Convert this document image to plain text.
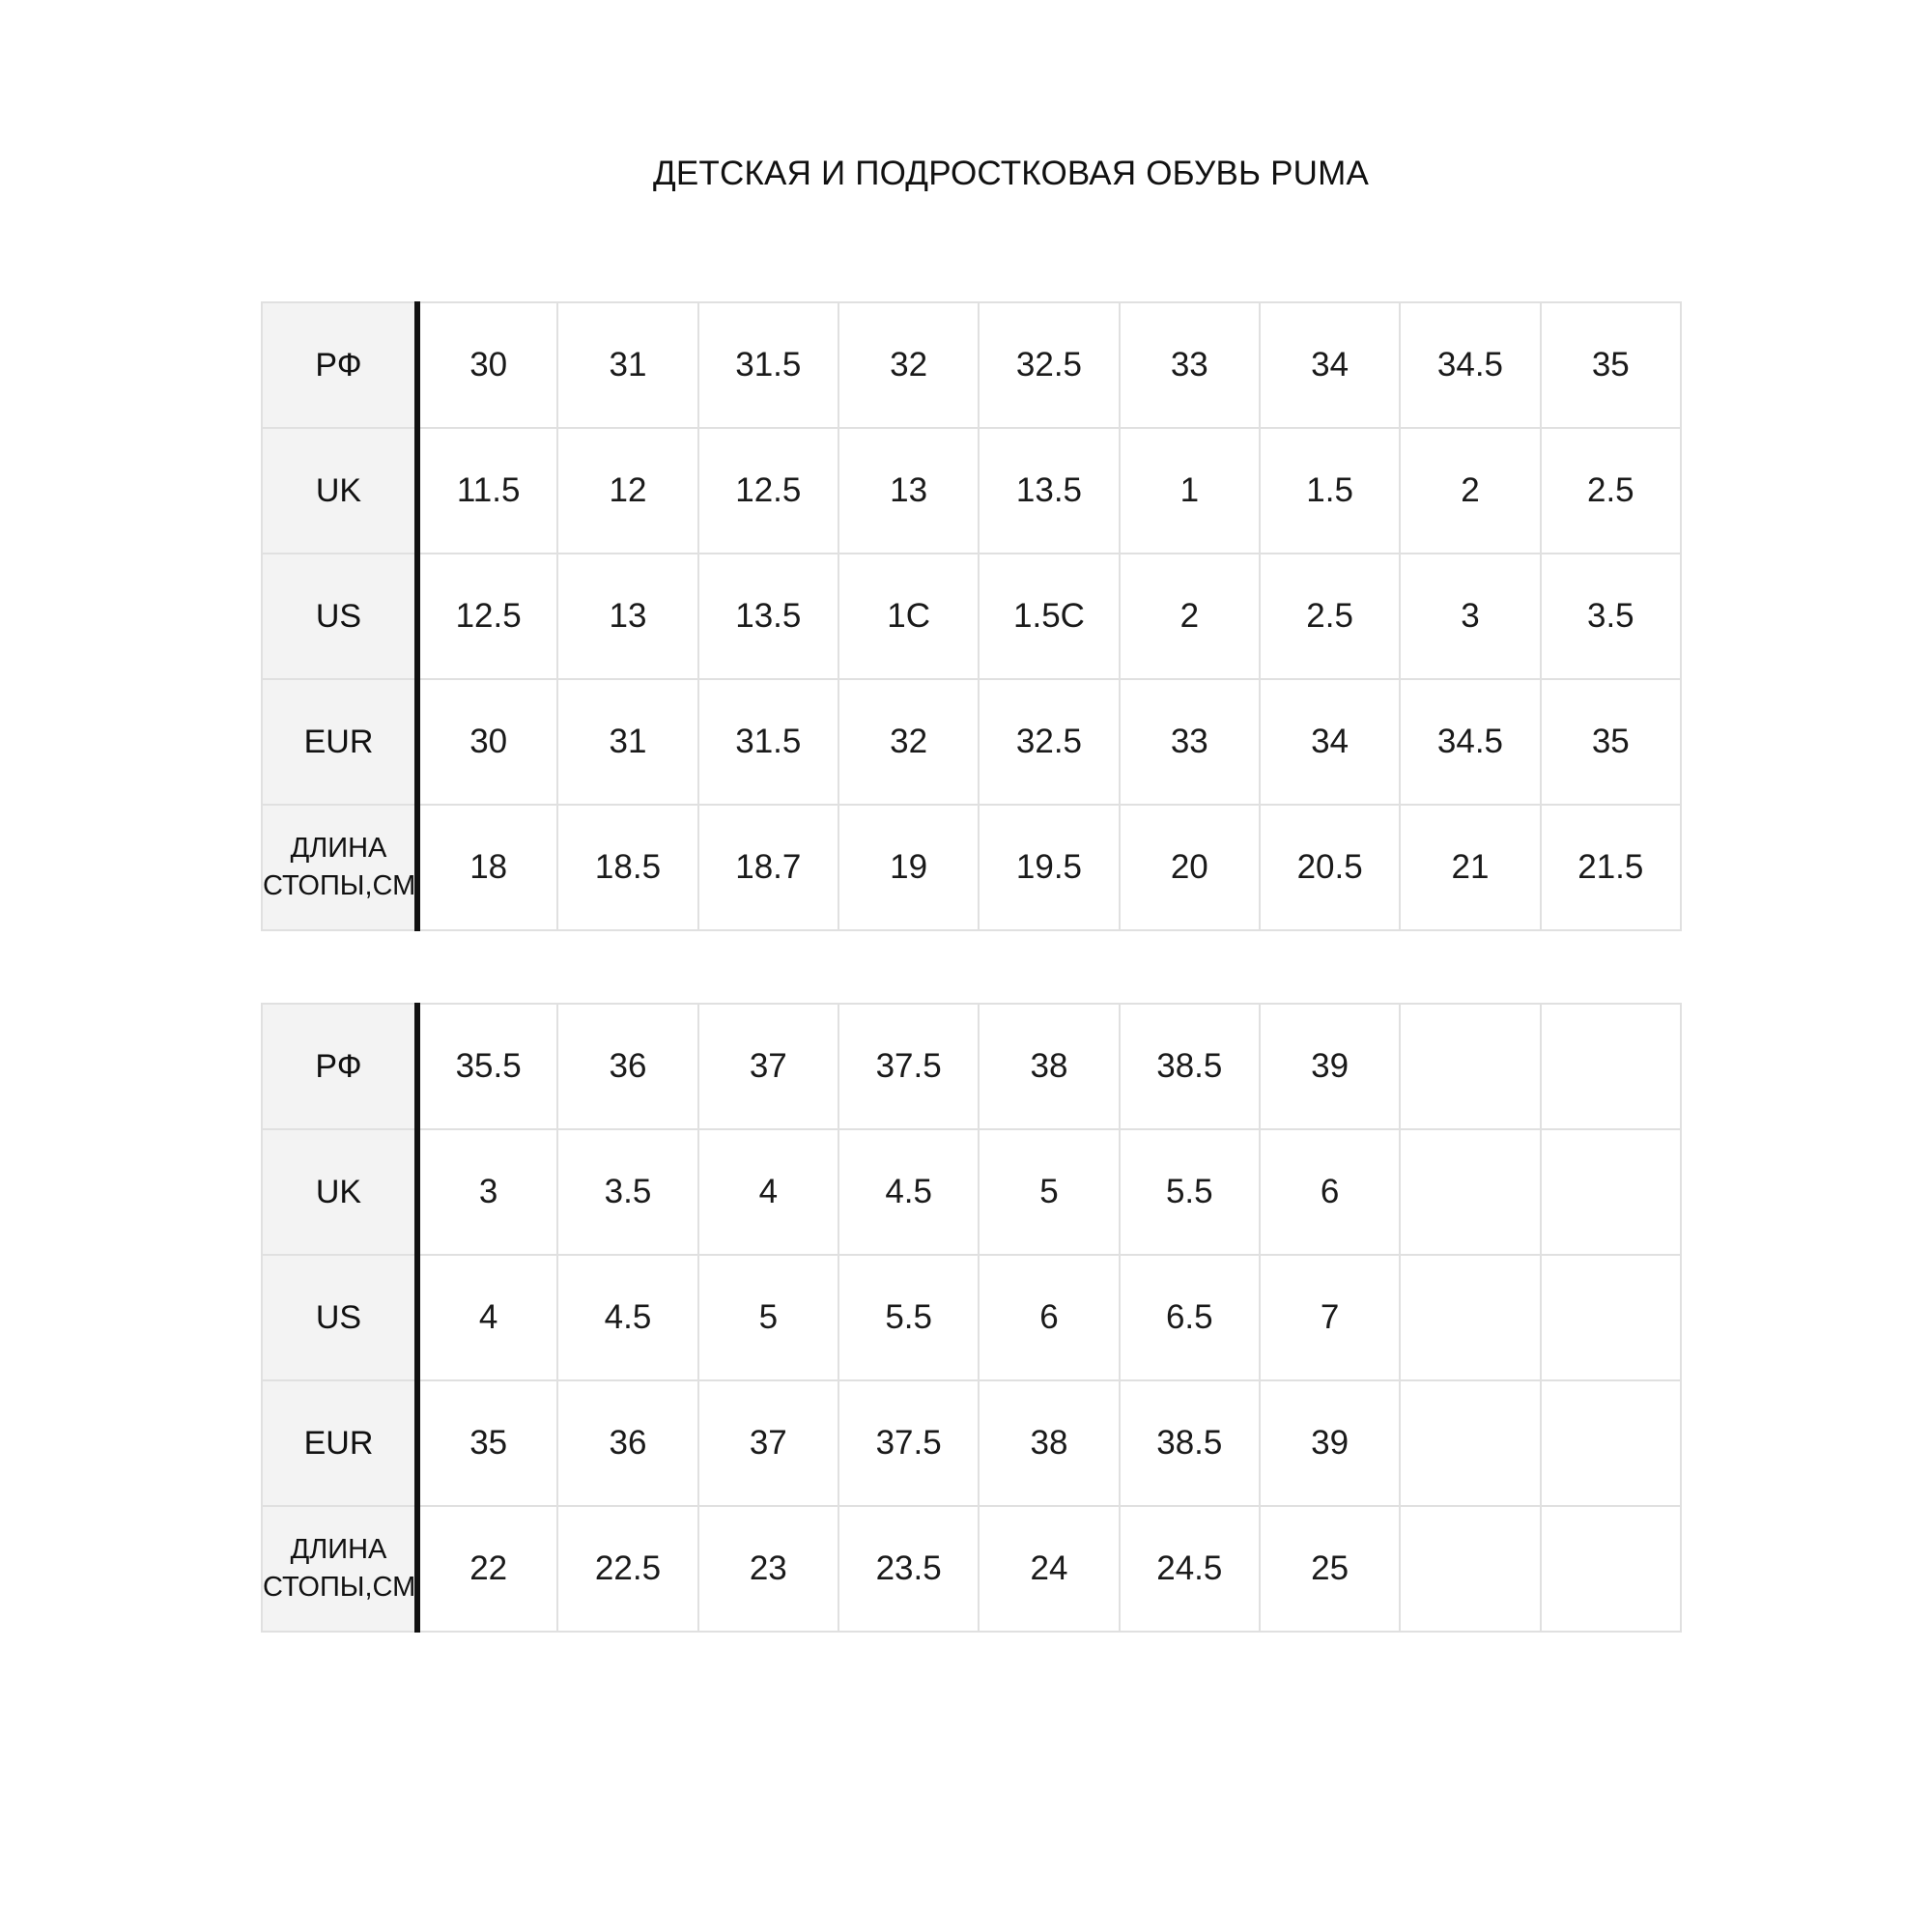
ДЕТСКАЯ И ПОДРОСТКОВАЯ ОБУВЬ PUMA
РФ	30	31	31.5	32	32.5	33	34	34.5	35
UK	11.5	12	12.5	13	13.5	1	1.5	2	2.5
US	12.5	13	13.5	1C	1.5C	2	2.5	3	3.5
EUR	30	31	31.5	32	32.5	33	34	34.5	35
ДЛИНА
СТОПЫ,СМ	18	18.5	18.7	19	19.5	20	20.5	21	21.5
РФ	35.5	36	37	37.5	38	38.5	39		
UK	3	3.5	4	4.5	5	5.5	6		
US	4	4.5	5	5.5	6	6.5	7		
EUR	35	36	37	37.5	38	38.5	39		
ДЛИНА
СТОПЫ,СМ	22	22.5	23	23.5	24	24.5	25		
